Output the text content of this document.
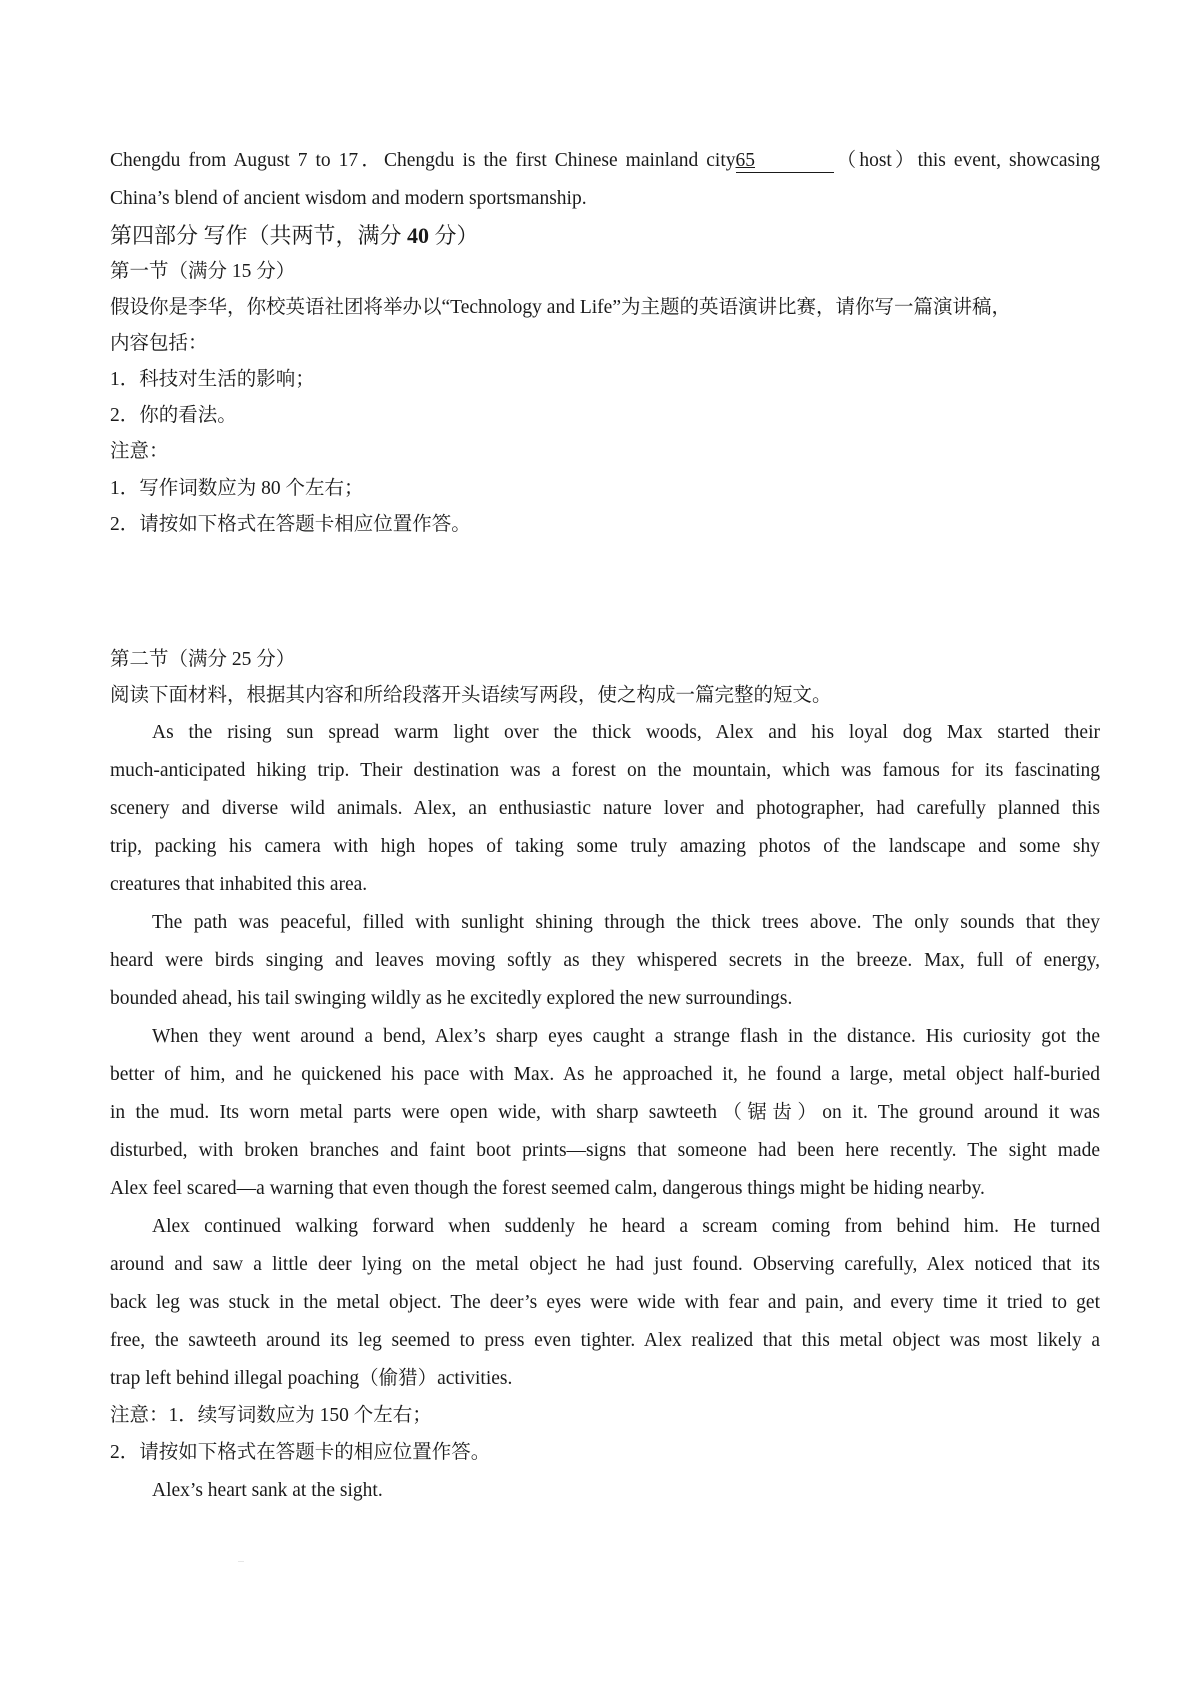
Chengdu from August 7 to 17．Chengdu is the first Chinese mainland city65	（host）this event, showcasing
China’s blend of ancient wisdom and modern sportsmanship.
第四部分 写作（共两节，满分 40 分）
第一节（满分 15 分）
假设你是李华，你校英语社团将举办以“Technology and Life”为主题的英语演讲比赛，请你写一篇演讲稿，
内容包括：
1．科技对生活的影响；
2．你的看法。
注意：
1．写作词数应为 80 个左右；
2．请按如下格式在答题卡相应位置作答。
第二节（满分 25 分）
阅读下面材料，根据其内容和所给段落开头语续写两段，使之构成一篇完整的短文。
As the rising sun spread warm light over the thick woods, Alex and his loyal dog Max started their
much-anticipated hiking trip. Their destination was a forest on the mountain, which was famous for its fascinating
scenery and diverse wild animals. Alex, an enthusiastic nature lover and photographer, had carefully planned this
trip, packing his camera with high hopes of taking some truly amazing photos of the landscape and some shy
creatures that inhabited this area.
The path was peaceful, filled with sunlight shining through the thick trees above. The only sounds that they
heard were birds singing and leaves moving softly as they whispered secrets in the breeze. Max, full of energy,
bounded ahead, his tail swinging wildly as he excitedly explored the new surroundings.
When they went around a bend, Alex’s sharp eyes caught a strange flash in the distance. His curiosity got the
better of him, and he quickened his pace with Max. As he approached it, he found a large, metal object half-buried
in the mud. Its worn metal parts were open wide, with sharp sawteeth（锯齿）on it. The ground around it was
disturbed, with broken branches and faint boot prints—signs that someone had been here recently. The sight made
Alex feel scared—a warning that even though the forest seemed calm, dangerous things might be hiding nearby.
Alex continued walking forward when suddenly he heard a scream coming from behind him. He turned
around and saw a little deer lying on the metal object he had just found. Observing carefully, Alex noticed that its
back leg was stuck in the metal object. The deer’s eyes were wide with fear and pain, and every time it tried to get
free, the sawteeth around its leg seemed to press even tighter. Alex realized that this metal object was most likely a
trap left behind illegal poaching（偷猎）activities.
注意：1．续写词数应为 150 个左右；
2．请按如下格式在答题卡的相应位置作答。
Alex’s heart sank at the sight.
